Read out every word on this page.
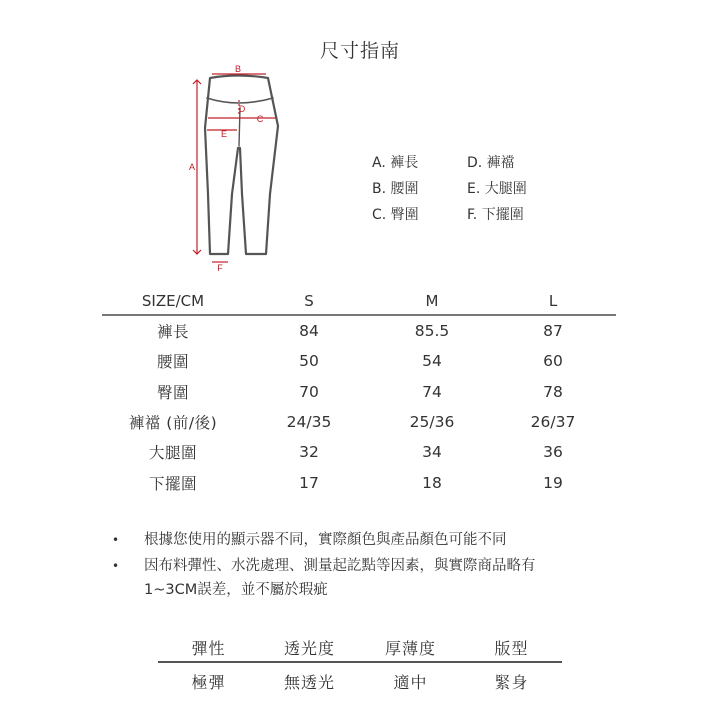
尺寸指南
B
A
C
D
E
F
A. 褲長	D. 褲襠
B. 腰圍	E. 大腿圍
C. 臀圍	F. 下擺圍
SIZE/CM	S	M	L
褲長	84	85.5	87
腰圍	50	54	60
臀圍	70	74	78
褲襠 (前/後)	24/35	25/36	26/37
大腿圍	32	34	36
下擺圍	17	18	19
•	根據您使用的顯示器不同，實際顏色與產品顏色可能不同
•	因布料彈性、水洗處理、測量起訖點等因素，與實際商品略有
1~3CM誤差，並不屬於瑕疵
彈性	透光度	厚薄度	版型
極彈	無透光	適中	緊身
